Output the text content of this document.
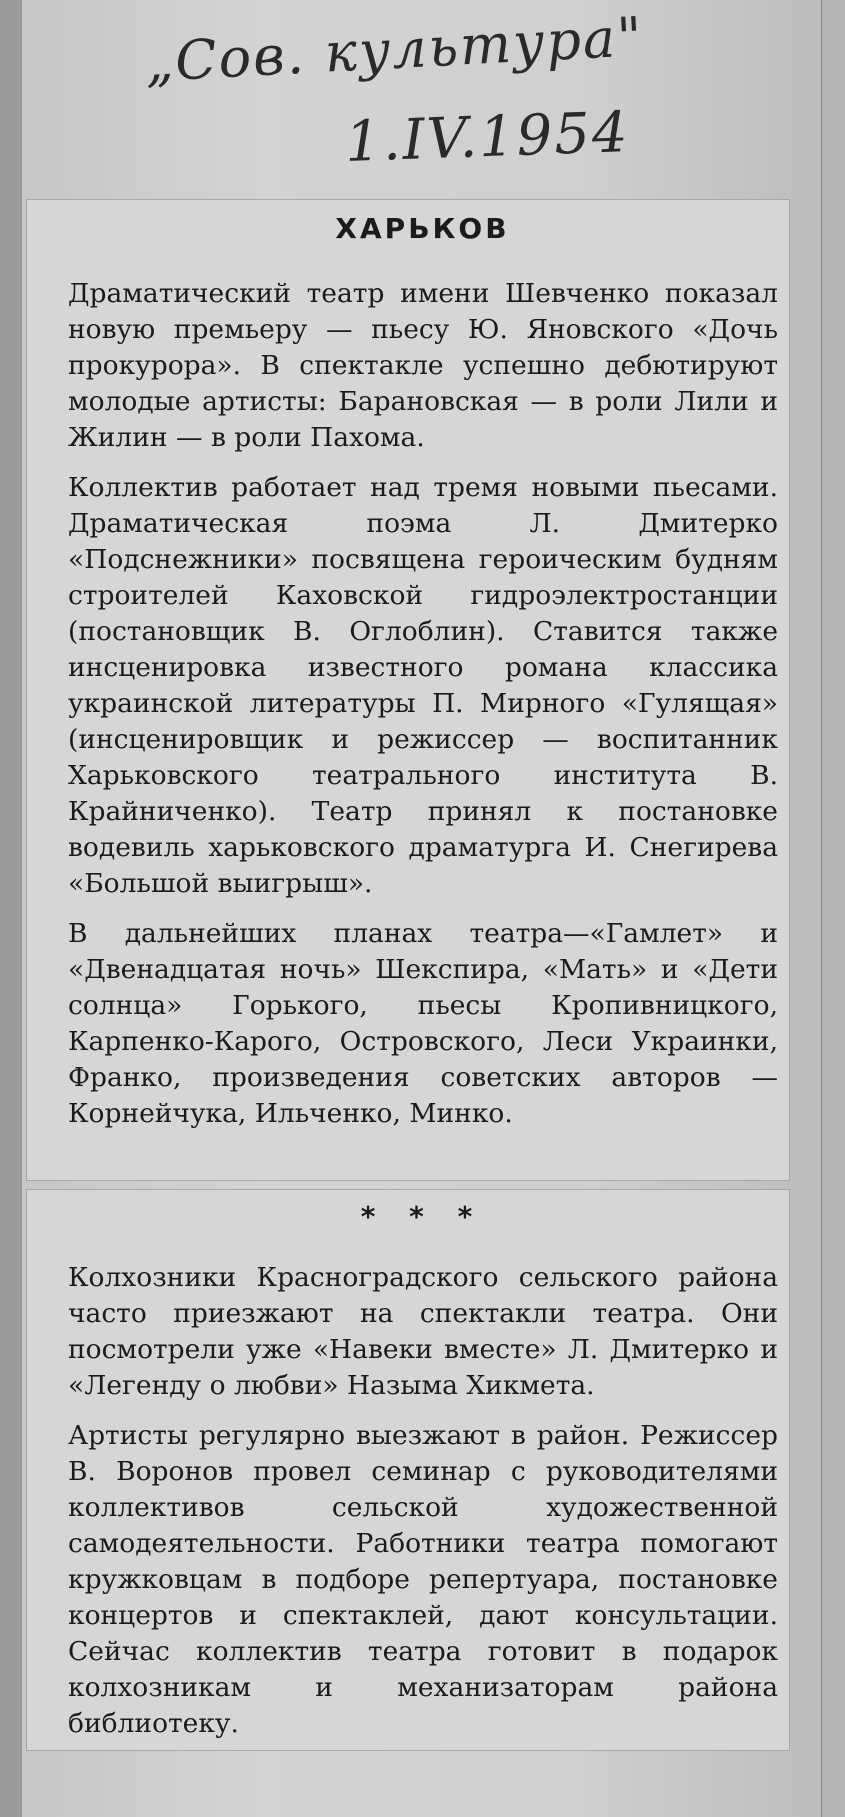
„Сов. культура"
1.IV.1954
ХАРЬКОВ

Драматический театр имени Шевченко показал новую премьеру — пьесу Ю. Яновского «Дочь прокурора». В спектакле успешно дебютируют молодые артисты: Барановская — в роли Лили и Жилин — в роли Пахома.

Коллектив работает над тремя новыми пьесами. Драматическая поэма Л. Дмитерко «Подснежники» посвящена героическим будням строителей Каховской гидроэлектростанции (постановщик В. Оглоблин). Ставится также инсценировка известного романа классика украинской литературы П. Мирного «Гулящая» (инсценировщик и режиссер — воспитанник Харьковского театрального института В. Крайниченко). Театр принял к постановке водевиль харьковского драматурга И. Снегирева «Большой выигрыш».

В дальнейших планах театра—«Гамлет» и «Двенадцатая ночь» Шекспира, «Мать» и «Дети солнца» Горького, пьесы Кропивницкого, Карпенко-Карого, Островского, Леси Украинки, Франко, произведения советских авторов — Корнейчука, Ильченко, Минко.

* * *

Колхозники Красноградского сельского района часто приезжают на спектакли театра. Они посмотрели уже «Навеки вместе» Л. Дмитерко и «Легенду о любви» Назыма Хикмета.

Артисты регулярно выезжают в район. Режиссер В. Воронов провел семинар с руководителями коллективов сельской художественной самодеятельности. Работники театра помогают кружковцам в подборе репертуара, постановке концертов и спектаклей, дают консультации. Сейчас коллектив театра готовит в подарок колхозникам и механизаторам района библиотеку.
